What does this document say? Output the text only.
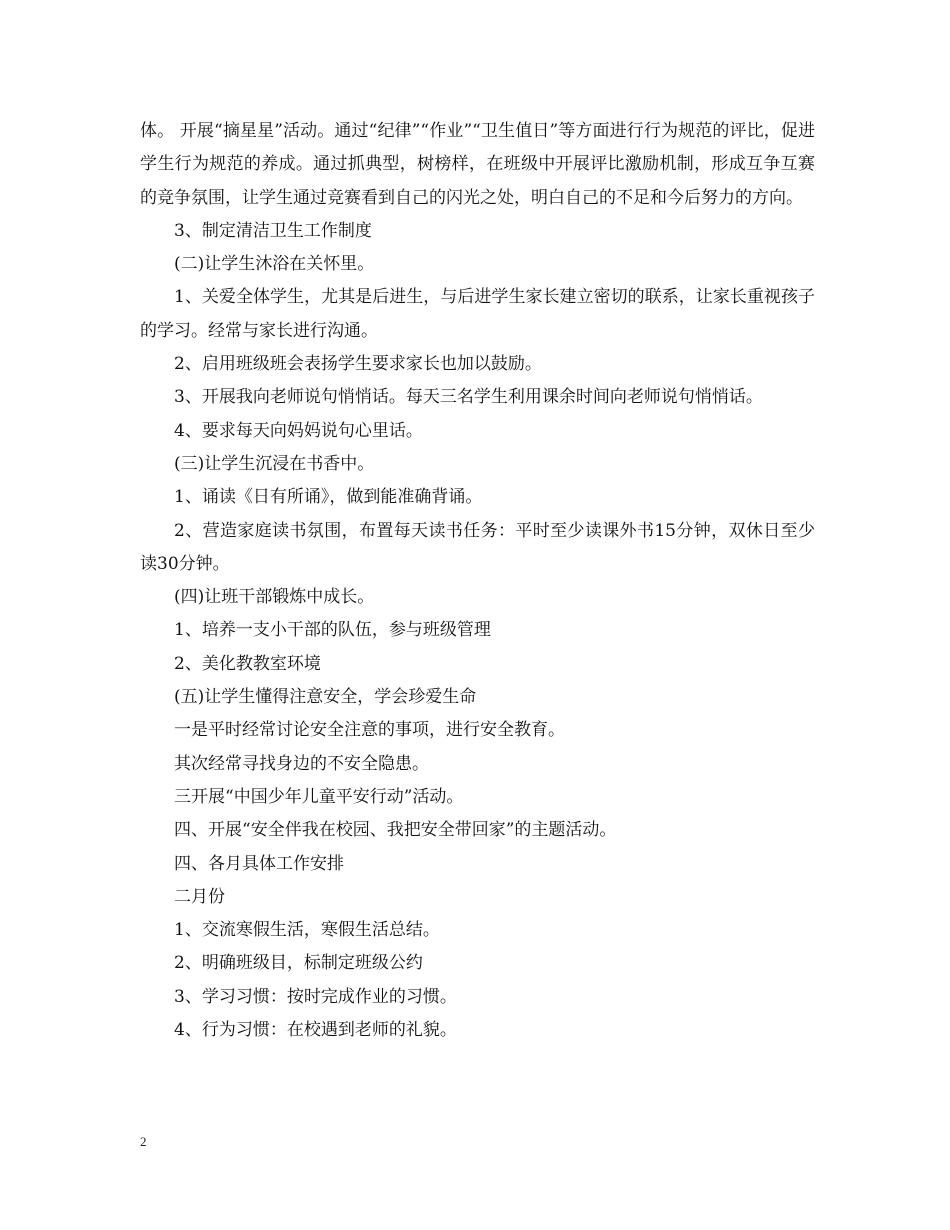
体。 开展“摘星星”活动。通过“纪律”“作业”“卫生值日”等方面进行行为规范的评比，促进学生行为规范的养成。通过抓典型，树榜样，在班级中开展评比激励机制，形成互争互赛的竞争氛围，让学生通过竞赛看到自己的闪光之处，明白自己的不足和今后努力的方向。

3、制定清洁卫生工作制度

(二)让学生沐浴在关怀里。

1、关爱全体学生，尤其是后进生，与后进学生家长建立密切的联系，让家长重视孩子的学习。经常与家长进行沟通。

2、启用班级班会表扬学生要求家长也加以鼓励。

3、开展我向老师说句悄悄话。每天三名学生利用课余时间向老师说句悄悄话。

4、要求每天向妈妈说句心里话。

(三)让学生沉浸在书香中。

1、诵读《日有所诵》，做到能准确背诵。

2、营造家庭读书氛围，布置每天读书任务：平时至少读课外书15分钟，双休日至少读30分钟。

(四)让班干部锻炼中成长。

1、培养一支小干部的队伍，参与班级管理

2、美化教教室环境

(五)让学生懂得注意安全，学会珍爱生命

一是平时经常讨论安全注意的事项，进行安全教育。

其次经常寻找身边的不安全隐患。

三开展“中国少年儿童平安行动”活动。

四、开展“安全伴我在校园、我把安全带回家”的主题活动。

四、各月具体工作安排

二月份

1、交流寒假生活，寒假生活总结。

2、明确班级目，标制定班级公约

3、学习习惯：按时完成作业的习惯。

4、行为习惯：在校遇到老师的礼貌。

2
